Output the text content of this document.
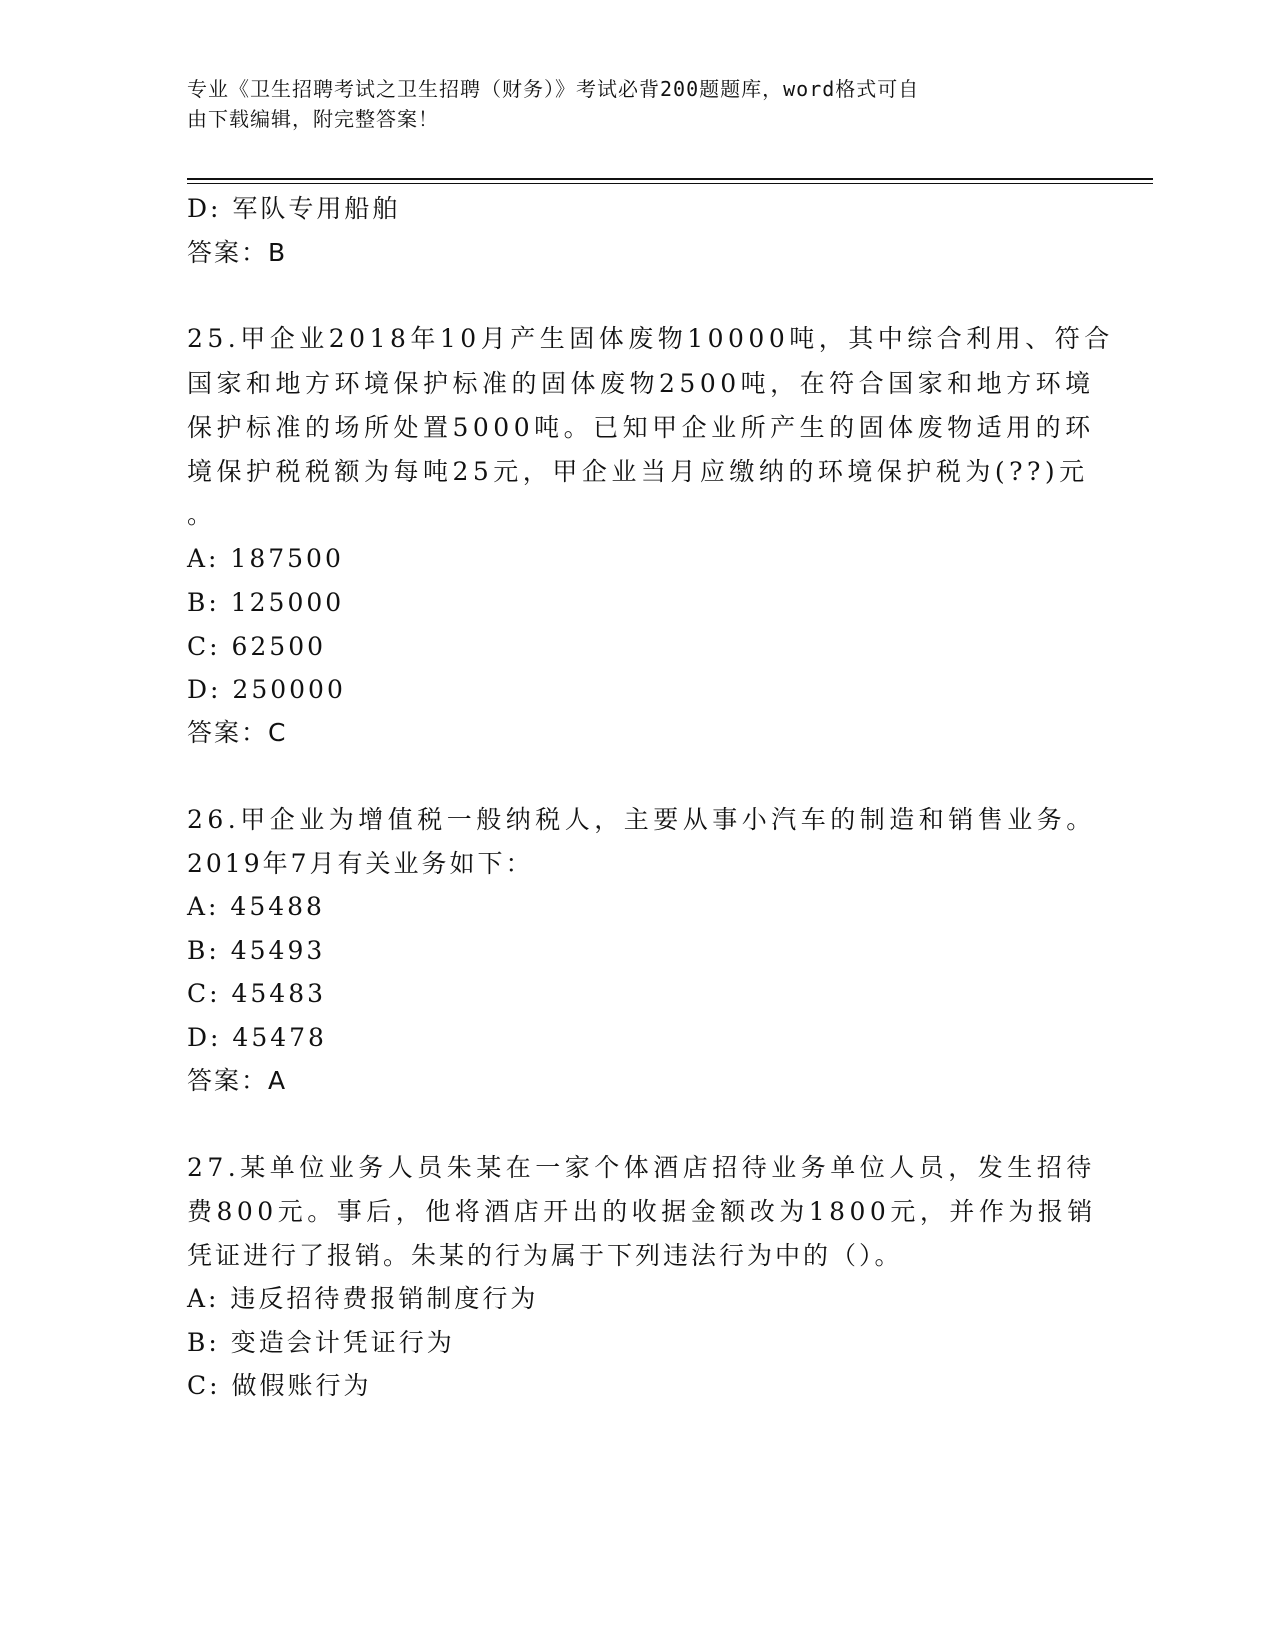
专业《卫生招聘考试之卫生招聘（财务）》考试必背200题题库，word格式可自
由下载编辑，附完整答案！
D: 军队专用船舶
答案：B
25.甲企业2018年10月产生固体废物10000吨，其中综合利用、符合
国家和地方环境保护标准的固体废物2500吨，在符合国家和地方环境
保护标准的场所处置5000吨。已知甲企业所产生的固体废物适用的环
境保护税税额为每吨25元，甲企业当月应缴纳的环境保护税为(??)元
。
A: 187500
B: 125000
C: 62500
D: 250000
答案：C
26.甲企业为增值税一般纳税人，主要从事小汽车的制造和销售业务。
2019年7月有关业务如下：
A: 45488
B: 45493
C: 45483
D: 45478
答案：A
27.某单位业务人员朱某在一家个体酒店招待业务单位人员，发生招待
费800元。事后，他将酒店开出的收据金额改为1800元，并作为报销
凭证进行了报销。朱某的行为属于下列违法行为中的（）。
A: 违反招待费报销制度行为
B: 变造会计凭证行为
C: 做假账行为
